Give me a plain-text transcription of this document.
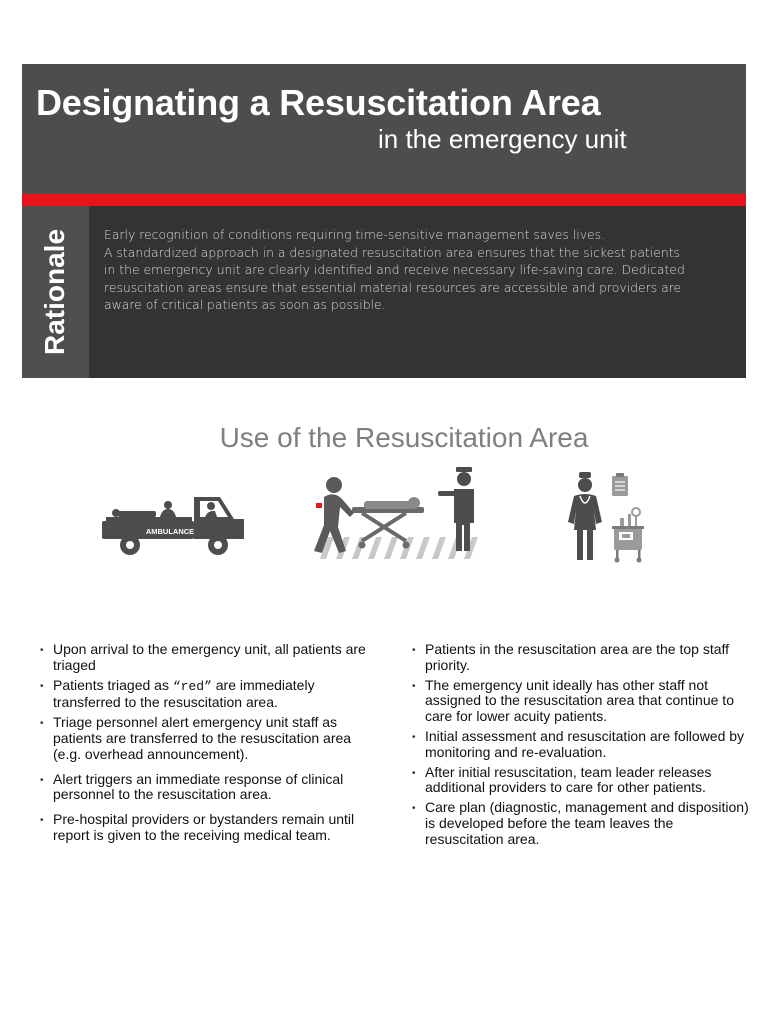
Designating a Resuscitation Area
in the emergency unit
Rationale	Early recognition of conditions requiring time-sensitive management saves lives.
A standardized approach in a designated resuscitation area ensures that the sickest patients
in the emergency unit are clearly identified and receive necessary life-saving care. Dedicated
resuscitation areas ensure that essential material resources are accessible and providers are
aware of critical patients as soon as possible.
Use of the Resuscitation Area
AMBULANCE
• Upon arrival to the emergency unit, all patients are triaged
• Patients triaged as “red” are immediately transferred to the resuscitation area.
• Triage personnel alert emergency unit staff as patients are transferred to the resuscitation area (e.g. overhead announcement).
• Alert triggers an immediate response of clinical personnel to the resuscitation area.
• Pre-hospital providers or bystanders remain until report is given to the receiving medical team.
• Patients in the resuscitation area are the top staff priority.
• The emergency unit ideally has other staff not assigned to the resuscitation area that continue to care for lower acuity patients.
• Initial assessment and resuscitation are followed by monitoring and re-evaluation.
• After initial resuscitation, team leader releases additional providers to care for other patients.
• Care plan (diagnostic, management and disposition) is developed before the team leaves the resuscitation area.
